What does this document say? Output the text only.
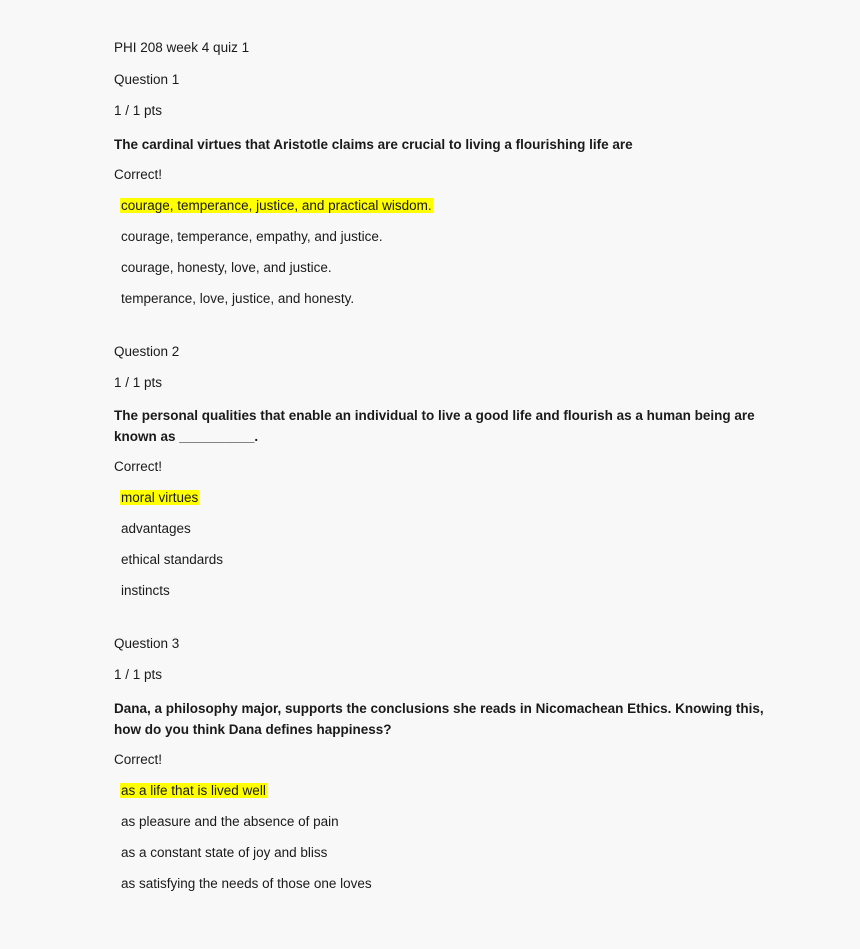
PHI 208 week 4 quiz 1

Question 1

1 / 1 pts

The cardinal virtues that Aristotle claims are crucial to living a flourishing life are

Correct!

courage, temperance, justice, and practical wisdom.
courage, temperance, empathy, and justice.
courage, honesty, love, and justice.
temperance, love, justice, and honesty.

Question 2

1 / 1 pts

The personal qualities that enable an individual to live a good life and flourish as a human being are known as __________.

Correct!

moral virtues
advantages
ethical standards
instincts

Question 3

1 / 1 pts

Dana, a philosophy major, supports the conclusions she reads in Nicomachean Ethics. Knowing this, how do you think Dana defines happiness?

Correct!

as a life that is lived well
as pleasure and the absence of pain
as a constant state of joy and bliss
as satisfying the needs of those one loves
